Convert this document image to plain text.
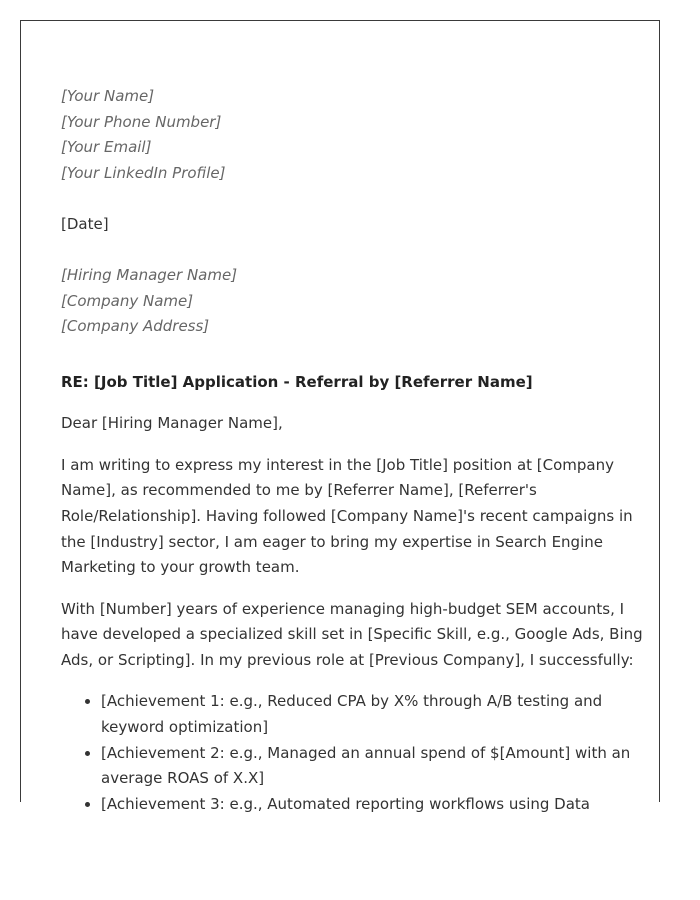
[Your Name]
[Your Phone Number]
[Your Email]
[Your LinkedIn Profile]
[Date]
[Hiring Manager Name]
[Company Name]
[Company Address]
RE: [Job Title] Application - Referral by [Referrer Name]
Dear [Hiring Manager Name],
I am writing to express my interest in the [Job Title] position at [Company
Name], as recommended to me by [Referrer Name], [Referrer's
Role/Relationship]. Having followed [Company Name]'s recent campaigns in
the [Industry] sector, I am eager to bring my expertise in Search Engine
Marketing to your growth team.
With [Number] years of experience managing high-budget SEM accounts, I
have developed a specialized skill set in [Specific Skill, e.g., Google Ads, Bing
Ads, or Scripting]. In my previous role at [Previous Company], I successfully:
• [Achievement 1: e.g., Reduced CPA by X% through A/B testing and
keyword optimization]
• [Achievement 2: e.g., Managed an annual spend of $[Amount] with an
average ROAS of X.X]
• [Achievement 3: e.g., Automated reporting workflows using Data
